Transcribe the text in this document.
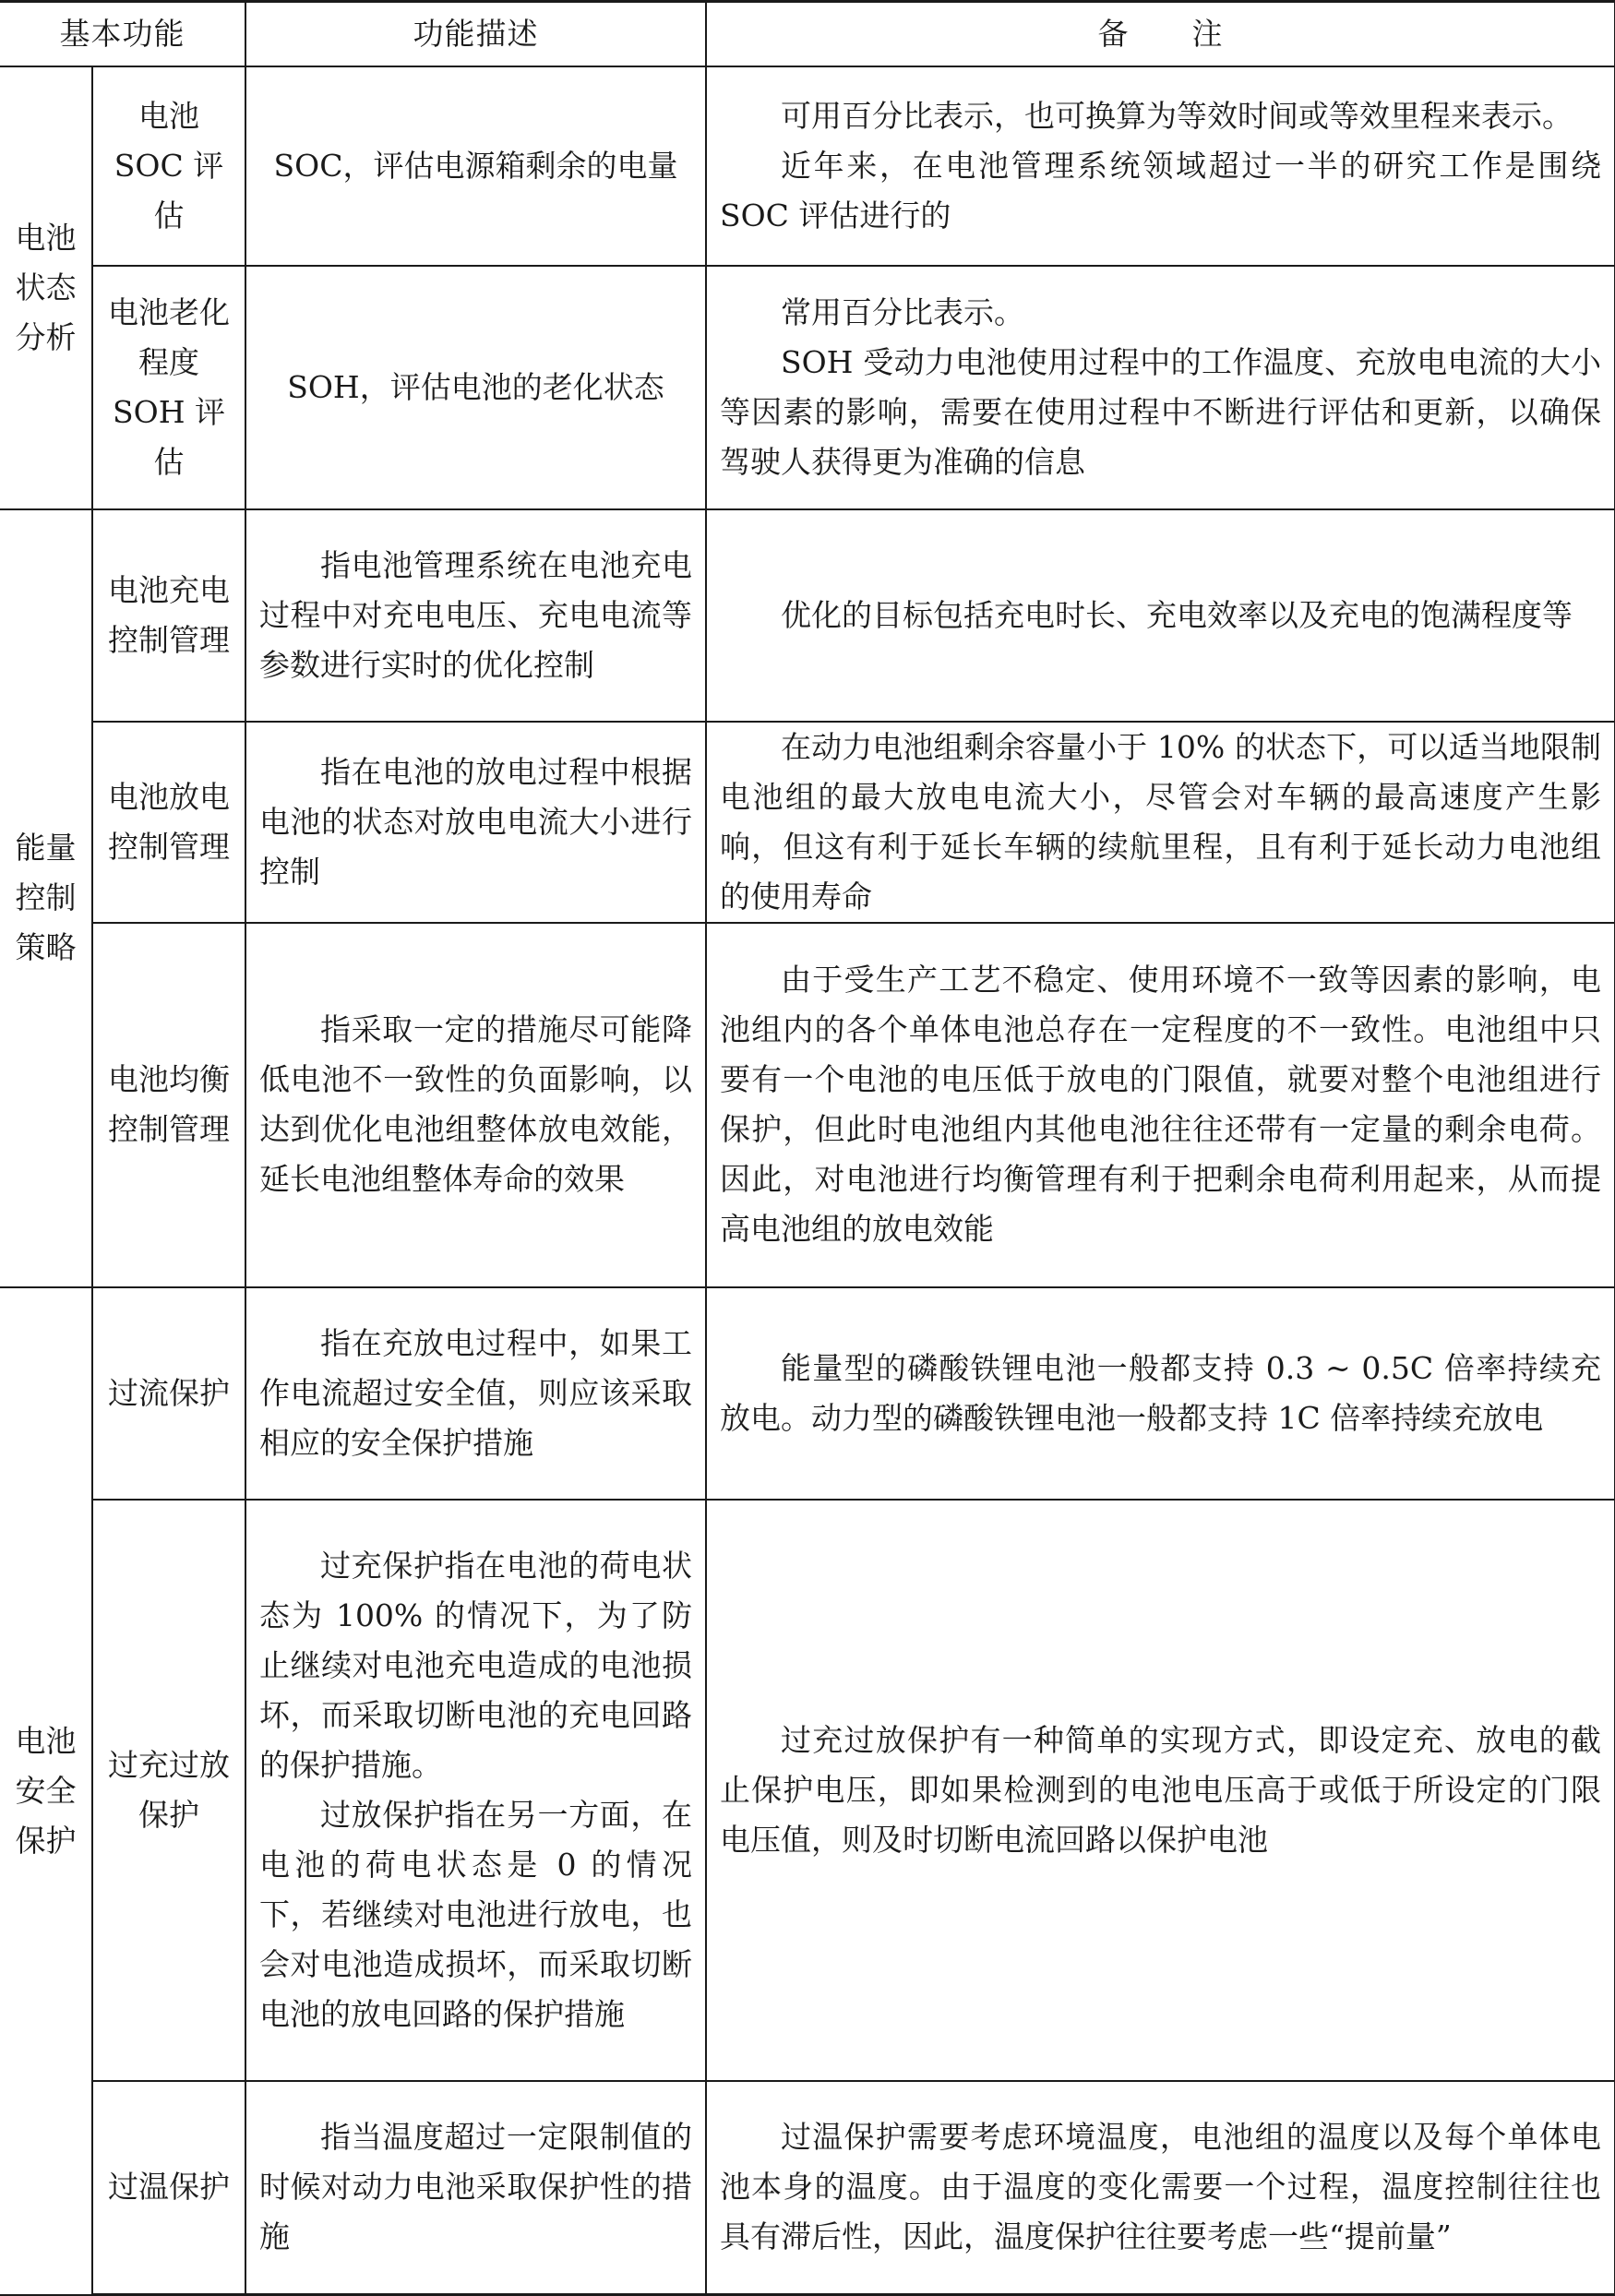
基本功能		功能描述	备　　注
电池状态分析	电池 SOC 评估	SOC，评估电源箱剩余的电量	可用百分比表示，也可换算为等效时间或等效里程来表示。

近年来，在电池管理系统领域超过一半的研究工作是围绕 SOC 评估进行的

	电池老化程度 SOH 评估	SOH，评估电池的老化状态	常用百分比表示。

SOH 受动力电池使用过程中的工作温度、充放电电流的大小等因素的影响，需要在使用过程中不断进行评估和更新，以确保驾驶人获得更为准确的信息

能量控制策略	电池充电控制管理	指电池管理系统在电池充电过程中对充电电压、充电电流等参数进行实时的优化控制	优化的目标包括充电时长、充电效率以及充电的饱满程度等

	电池放电控制管理	指在电池的放电过程中根据电池的状态对放电电流大小进行控制	在动力电池组剩余容量小于 10% 的状态下，可以适当地限制电池组的最大放电电流大小，尽管会对车辆的最高速度产生影响，但这有利于延长车辆的续航里程，且有利于延长动力电池组的使用寿命

	电池均衡控制管理	指采取一定的措施尽可能降低电池不一致性的负面影响，以达到优化电池组整体放电效能，延长电池组整体寿命的效果	由于受生产工艺不稳定、使用环境不一致等因素的影响，电池组内的各个单体电池总存在一定程度的不一致性。电池组中只要有一个电池的电压低于放电的门限值，就要对整个电池组进行保护，但此时电池组内其他电池往往还带有一定量的剩余电荷。因此，对电池进行均衡管理有利于把剩余电荷利用起来，从而提高电池组的放电效能

电池安全保护	过流保护	指在充放电过程中，如果工作电流超过安全值，则应该采取相应的安全保护措施	能量型的磷酸铁锂电池一般都支持 0.3 ~ 0.5C 倍率持续充放电。动力型的磷酸铁锂电池一般都支持 1C 倍率持续充放电

	过充过放保护	过充保护指在电池的荷电状态为 100% 的情况下，为了防止继续对电池充电造成的电池损坏，而采取切断电池的充电回路的保护措施。

过放保护指在另一方面，在电池的荷电状态是 0 的情况下，若继续对电池进行放电，也会对电池造成损坏，而采取切断电池的放电回路的保护措施	过充过放保护有一种简单的实现方式，即设定充、放电的截止保护电压，即如果检测到的电池电压高于或低于所设定的门限电压值，则及时切断电流回路以保护电池

	过温保护	指当温度超过一定限制值的时候对动力电池采取保护性的措施	过温保护需要考虑环境温度，电池组的温度以及每个单体电池本身的温度。由于温度的变化需要一个过程，温度控制往往也具有滞后性，因此，温度保护往往要考虑一些“提前量”
